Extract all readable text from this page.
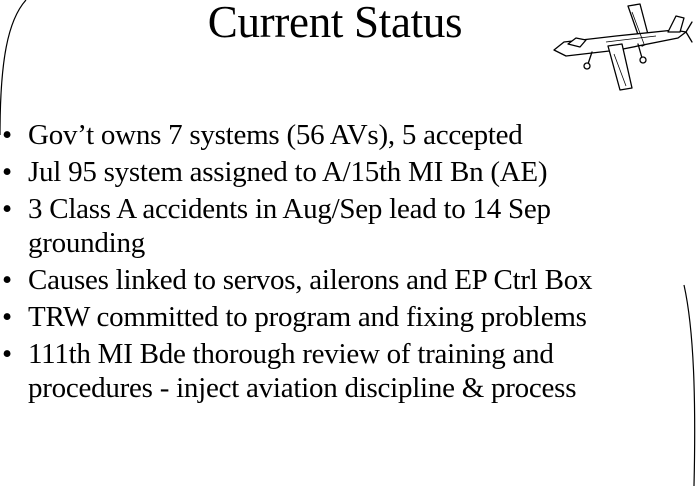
Current Status
• Gov’t owns 7 systems (56 AVs), 5 accepted
• Jul 95 system assigned to A/15th MI Bn (AE)
• 3 Class A accidents in Aug/Sep lead to 14 Sep
grounding
• Causes linked to servos, ailerons and EP Ctrl Box
• TRW committed to program and fixing problems
• 111th MI Bde thorough review of training and
procedures - inject aviation discipline & process
